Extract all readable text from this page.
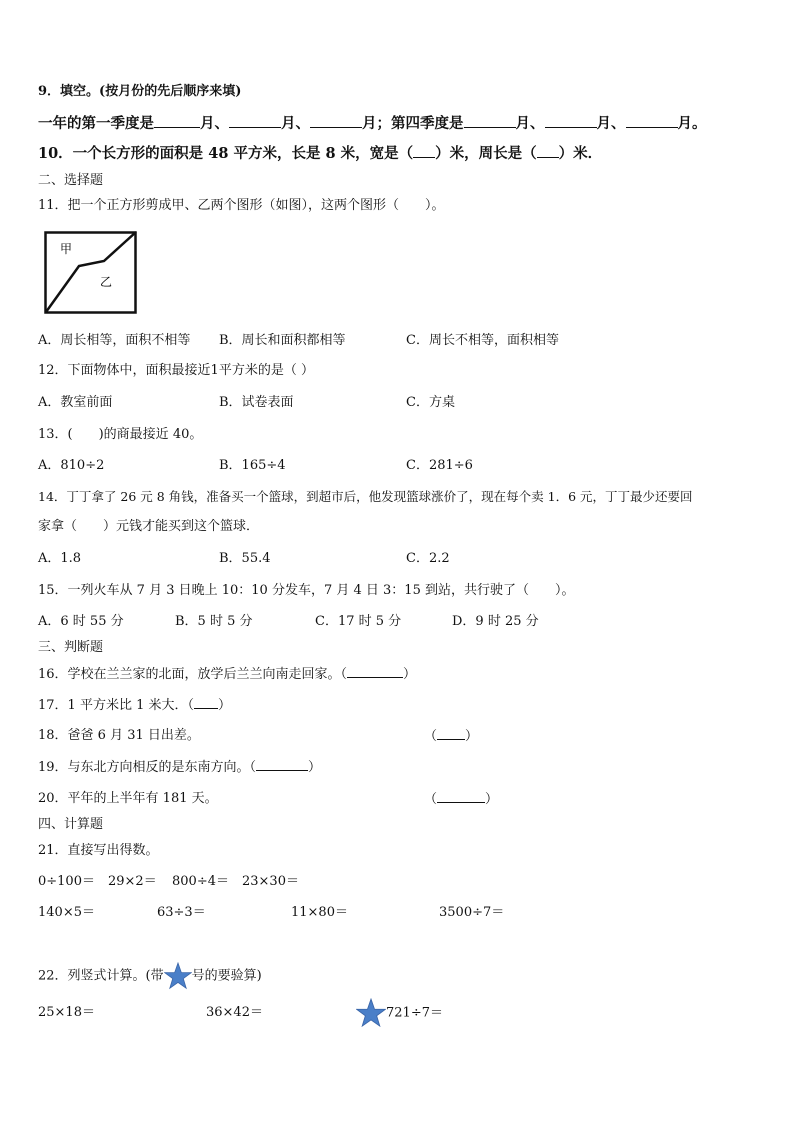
9．填空。(按月份的先后顺序来填)
一年的第一季度是	月、	月、	月；第四季度是	月、	月、	月。
10．一个长方形的面积是 48 平方米，长是 8 米，宽是（ ）米，周长是（ ）米．
二、选择题
11．把一个正方形剪成甲、乙两个图形（如图），这两个图形（　　）。
甲
乙
A．周长相等，面积不相等 B．周长和面积都相等	C．周长不相等，面积相等
12．下面物体中，面积最接近1平方米的是（ ）
A．教室前面	B．试卷表面	C．方桌
13．(　　)的商最接近 40。
A．810÷2	B．165÷4	C．281÷6
14．丁丁拿了 26 元 8 角钱，准备买一个篮球，到超市后，他发现篮球涨价了，现在每个卖 1．6 元，丁丁最少还要回
家拿（　　）元钱才能买到这个篮球．
A．1.8	B．55.4	C．2.2
15．一列火车从 7 月 3 日晚上 10：10 分发车，7 月 4 日 3：15 到站，共行驶了（　　）。
A．6 时 55 分	B．5 时 5 分	C．17 时 5 分	D．9 时 25 分
三、判断题
16．学校在兰兰家的北面，放学后兰兰向南走回家。（	）
17．1 平方米比 1 米大．（ ）
18．爸爸 6 月 31 日出差。	（ ）
19．与东北方向相反的是东南方向。（	）
20．平年的上半年有 181 天。	（	）
四、计算题
21．直接写出得数。
0÷100＝ 29×2＝ 800÷4＝ 23×30＝
140×5＝	63÷3＝	11×80＝	3500÷7＝
22．列竖式计算。(带 号的要验算)
25×18＝	36×42＝	721÷7＝
